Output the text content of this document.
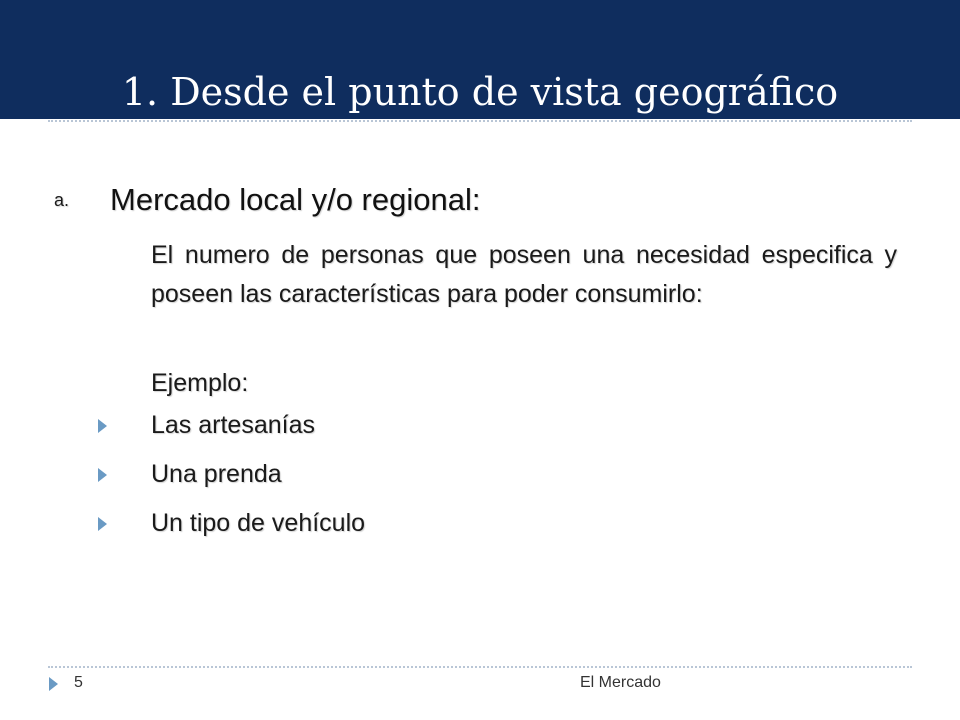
1. Desde el punto de vista geográfico
a. Mercado local y/o regional:

El numero de personas que poseen una necesidad especifica y poseen las características para poder consumirlo:

Ejemplo:
Las artesanías
Una prenda
Un tipo de vehículo
5	El Mercado
